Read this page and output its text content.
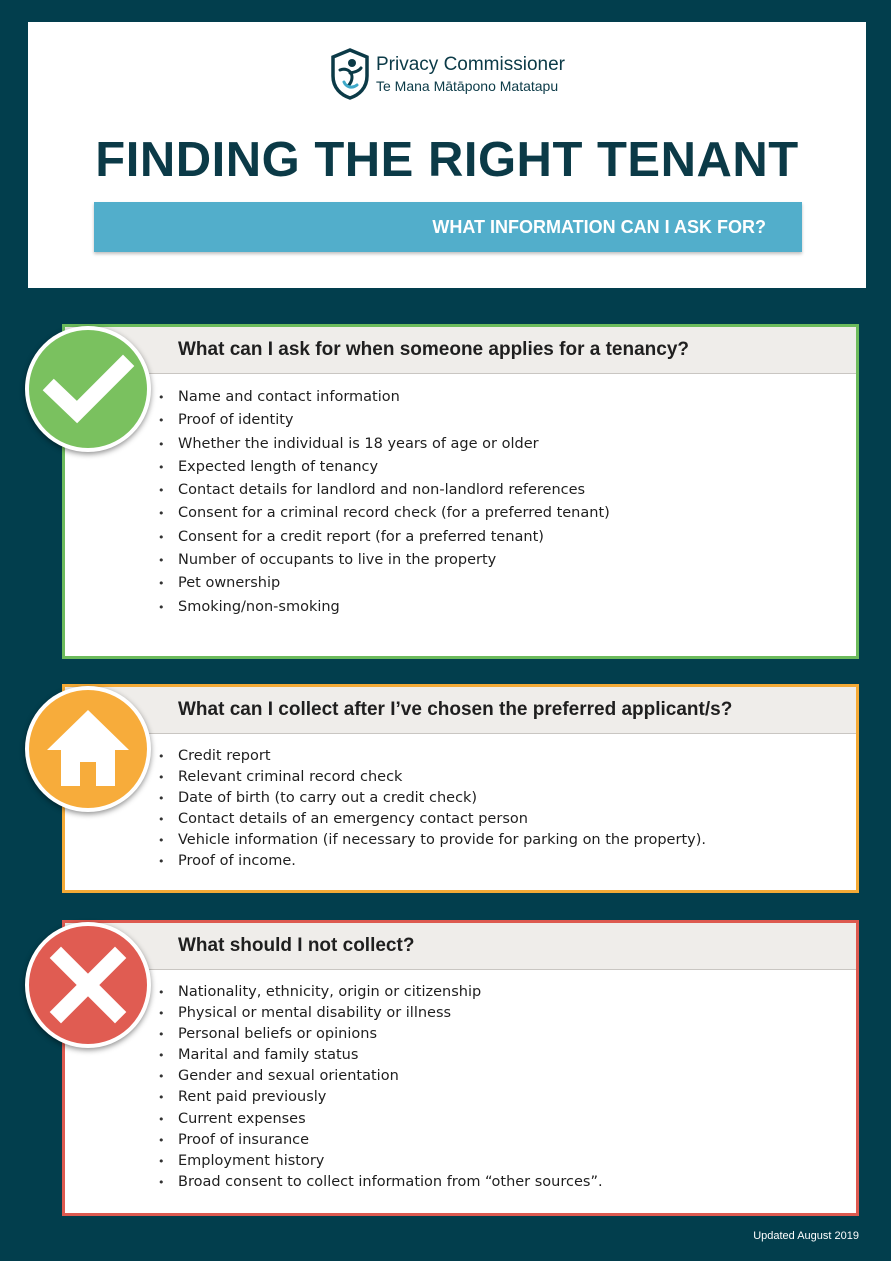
Privacy Commissioner
Te Mana Mātāpono Matatapu
FINDING THE RIGHT TENANT
WHAT INFORMATION CAN I ASK FOR?
What can I ask for when someone applies for a tenancy?
• Name and contact information
• Proof of identity
• Whether the individual is 18 years of age or older
• Expected length of tenancy
• Contact details for landlord and non-landlord references
• Consent for a criminal record check (for a preferred tenant)
• Consent for a credit report (for a preferred tenant)
• Number of occupants to live in the property
• Pet ownership
• Smoking/non-smoking
What can I collect after I’ve chosen the preferred applicant/s?
• Credit report
• Relevant criminal record check
• Date of birth (to carry out a credit check)
• Contact details of an emergency contact person
• Vehicle information (if necessary to provide for parking on the property).
• Proof of income.
What should I not collect?
• Nationality, ethnicity, origin or citizenship
• Physical or mental disability or illness
• Personal beliefs or opinions
• Marital and family status
• Gender and sexual orientation
• Rent paid previously
• Current expenses
• Proof of insurance
• Employment history
• Broad consent to collect information from “other sources”.
Updated August 2019
